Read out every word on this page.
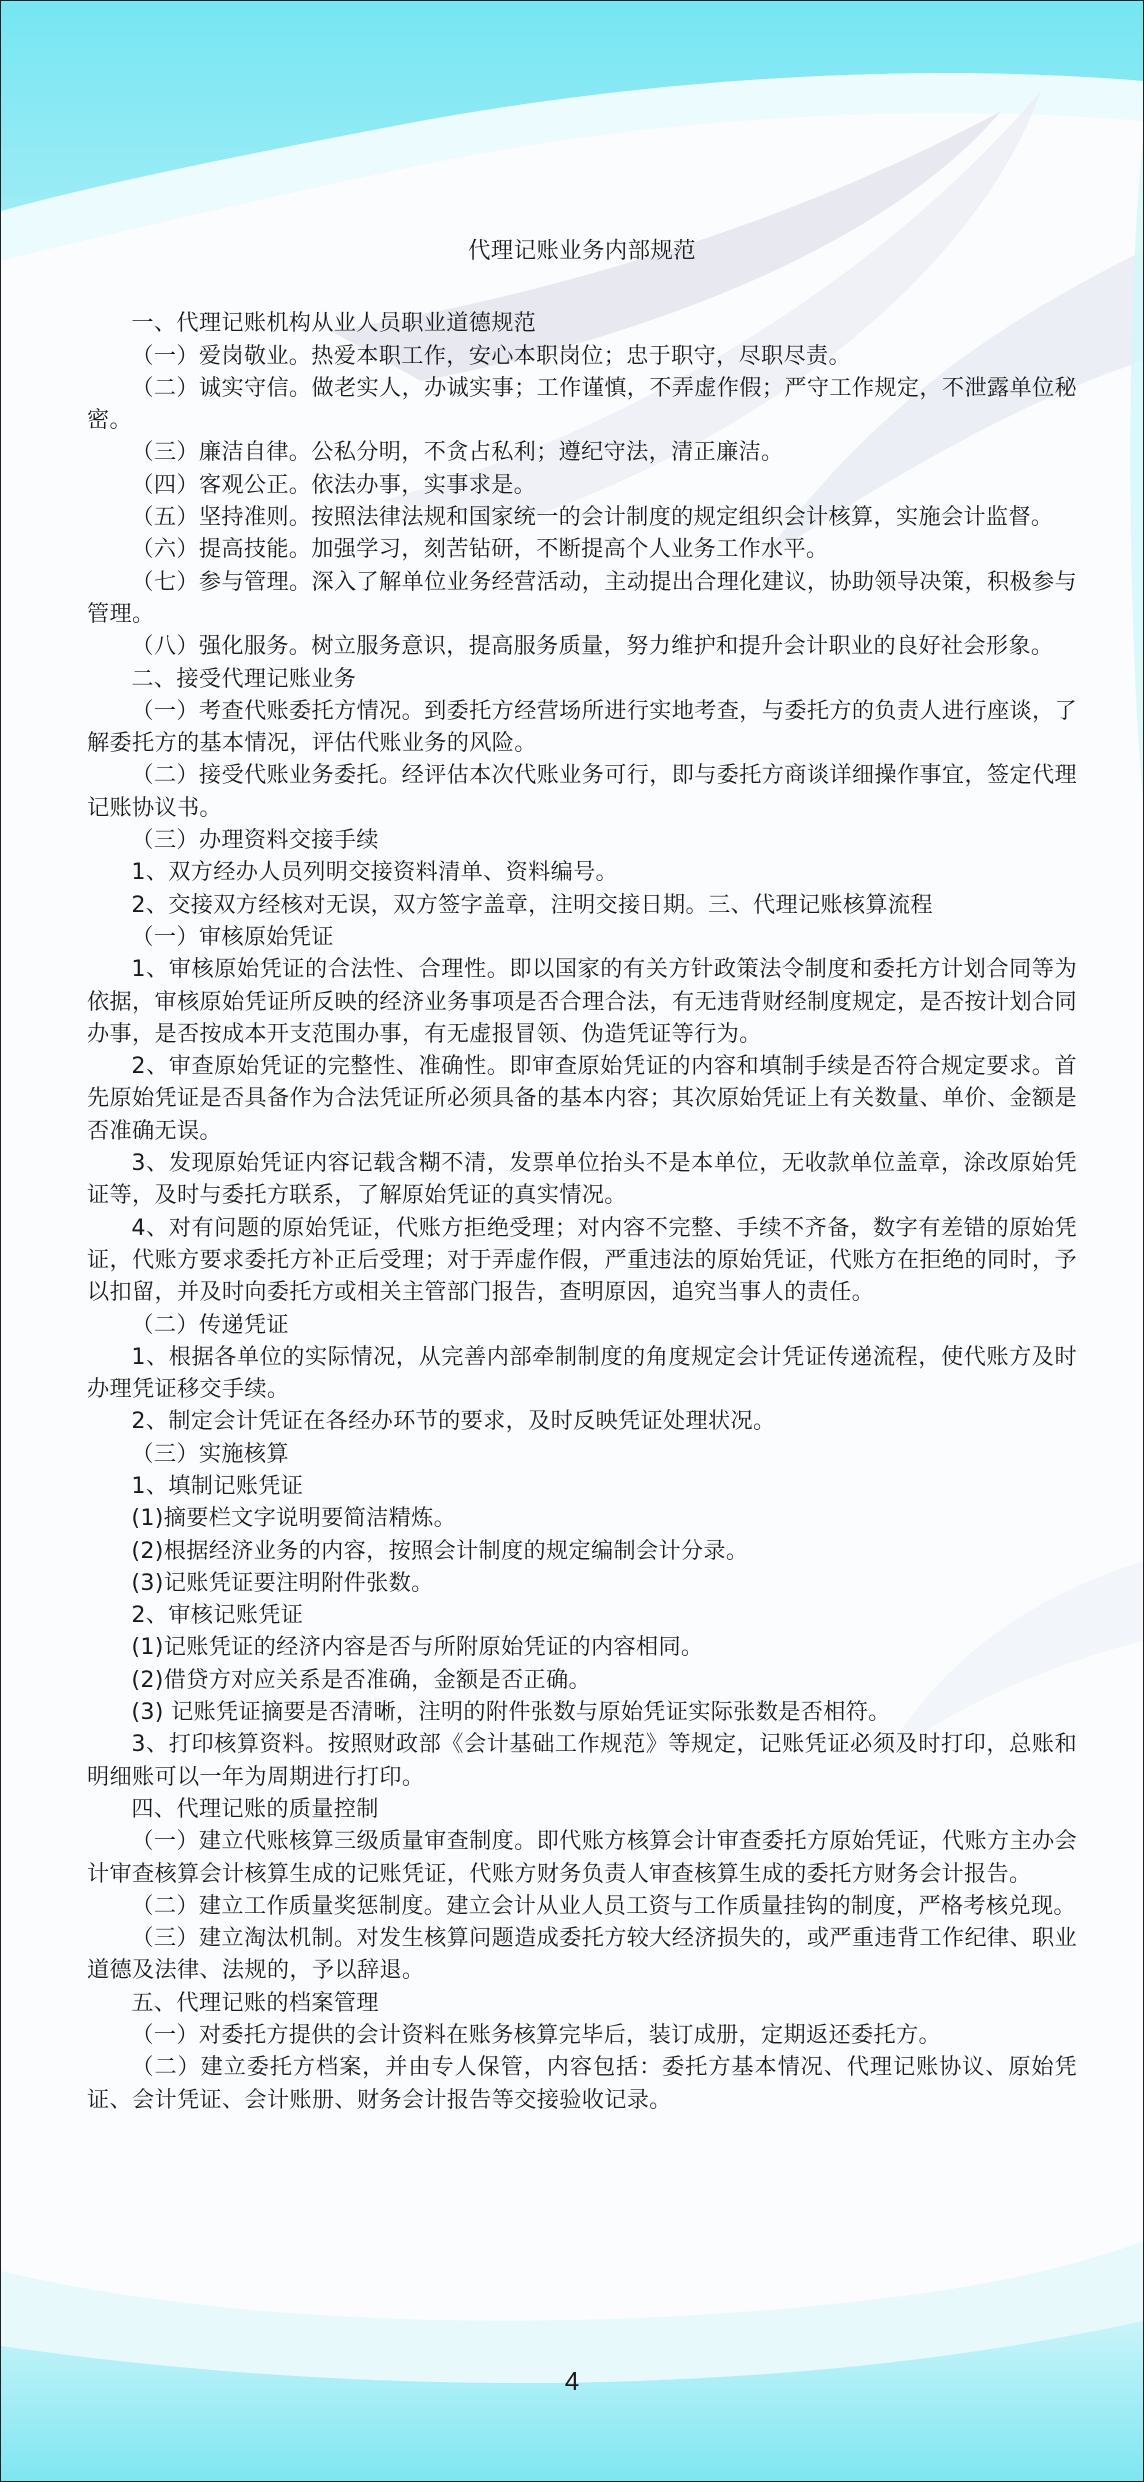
代理记账业务内部规范

一、代理记账机构从业人员职业道德规范

（一）爱岗敬业。热爱本职工作，安心本职岗位；忠于职守，尽职尽责。

（二）诚实守信。做老实人，办诚实事；工作谨慎，不弄虚作假；严守工作规定，不泄露单位秘密。

（三）廉洁自律。公私分明，不贪占私利；遵纪守法，清正廉洁。

（四）客观公正。依法办事，实事求是。

（五）坚持准则。按照法律法规和国家统一的会计制度的规定组织会计核算，实施会计监督。

（六）提高技能。加强学习，刻苦钻研，不断提高个人业务工作水平。

（七）参与管理。深入了解单位业务经营活动，主动提出合理化建议，协助领导决策，积极参与管理。

（八）强化服务。树立服务意识，提高服务质量，努力维护和提升会计职业的良好社会形象。

二、接受代理记账业务

（一）考查代账委托方情况。到委托方经营场所进行实地考查，与委托方的负责人进行座谈，了解委托方的基本情况，评估代账业务的风险。

（二）接受代账业务委托。经评估本次代账业务可行，即与委托方商谈详细操作事宜，签定代理记账协议书。

（三）办理资料交接手续

1、双方经办人员列明交接资料清单、资料编号。

2、交接双方经核对无误，双方签字盖章，注明交接日期。三、代理记账核算流程

（一）审核原始凭证

1、审核原始凭证的合法性、合理性。即以国家的有关方针政策法令制度和委托方计划合同等为依据，审核原始凭证所反映的经济业务事项是否合理合法，有无违背财经制度规定，是否按计划合同办事，是否按成本开支范围办事，有无虚报冒领、伪造凭证等行为。

2、审查原始凭证的完整性、准确性。即审查原始凭证的内容和填制手续是否符合规定要求。首先原始凭证是否具备作为合法凭证所必须具备的基本内容；其次原始凭证上有关数量、单价、金额是否准确无误。

3、发现原始凭证内容记载含糊不清，发票单位抬头不是本单位，无收款单位盖章，涂改原始凭证等，及时与委托方联系，了解原始凭证的真实情况。

4、对有问题的原始凭证，代账方拒绝受理；对内容不完整、手续不齐备，数字有差错的原始凭证，代账方要求委托方补正后受理；对于弄虚作假，严重违法的原始凭证，代账方在拒绝的同时，予以扣留，并及时向委托方或相关主管部门报告，查明原因，追究当事人的责任。

（二）传递凭证

1、根据各单位的实际情况，从完善内部牵制制度的角度规定会计凭证传递流程，使代账方及时办理凭证移交手续。

2、制定会计凭证在各经办环节的要求，及时反映凭证处理状况。

（三）实施核算

1、填制记账凭证

(1)摘要栏文字说明要简洁精炼。

(2)根据经济业务的内容，按照会计制度的规定编制会计分录。

(3)记账凭证要注明附件张数。

2、审核记账凭证

(1)记账凭证的经济内容是否与所附原始凭证的内容相同。

(2)借贷方对应关系是否准确，金额是否正确。

(3) 记账凭证摘要是否清晰，注明的附件张数与原始凭证实际张数是否相符。

3、打印核算资料。按照财政部《会计基础工作规范》等规定，记账凭证必须及时打印，总账和明细账可以一年为周期进行打印。

四、代理记账的质量控制

（一）建立代账核算三级质量审查制度。即代账方核算会计审查委托方原始凭证，代账方主办会计审查核算会计核算生成的记账凭证，代账方财务负责人审查核算生成的委托方财务会计报告。

（二）建立工作质量奖惩制度。建立会计从业人员工资与工作质量挂钩的制度，严格考核兑现。

（三）建立淘汰机制。对发生核算问题造成委托方较大经济损失的，或严重违背工作纪律、职业道德及法律、法规的，予以辞退。

五、代理记账的档案管理

（一）对委托方提供的会计资料在账务核算完毕后，装订成册，定期返还委托方。

（二）建立委托方档案，并由专人保管，内容包括：委托方基本情况、代理记账协议、原始凭证、会计凭证、会计账册、财务会计报告等交接验收记录。

4
